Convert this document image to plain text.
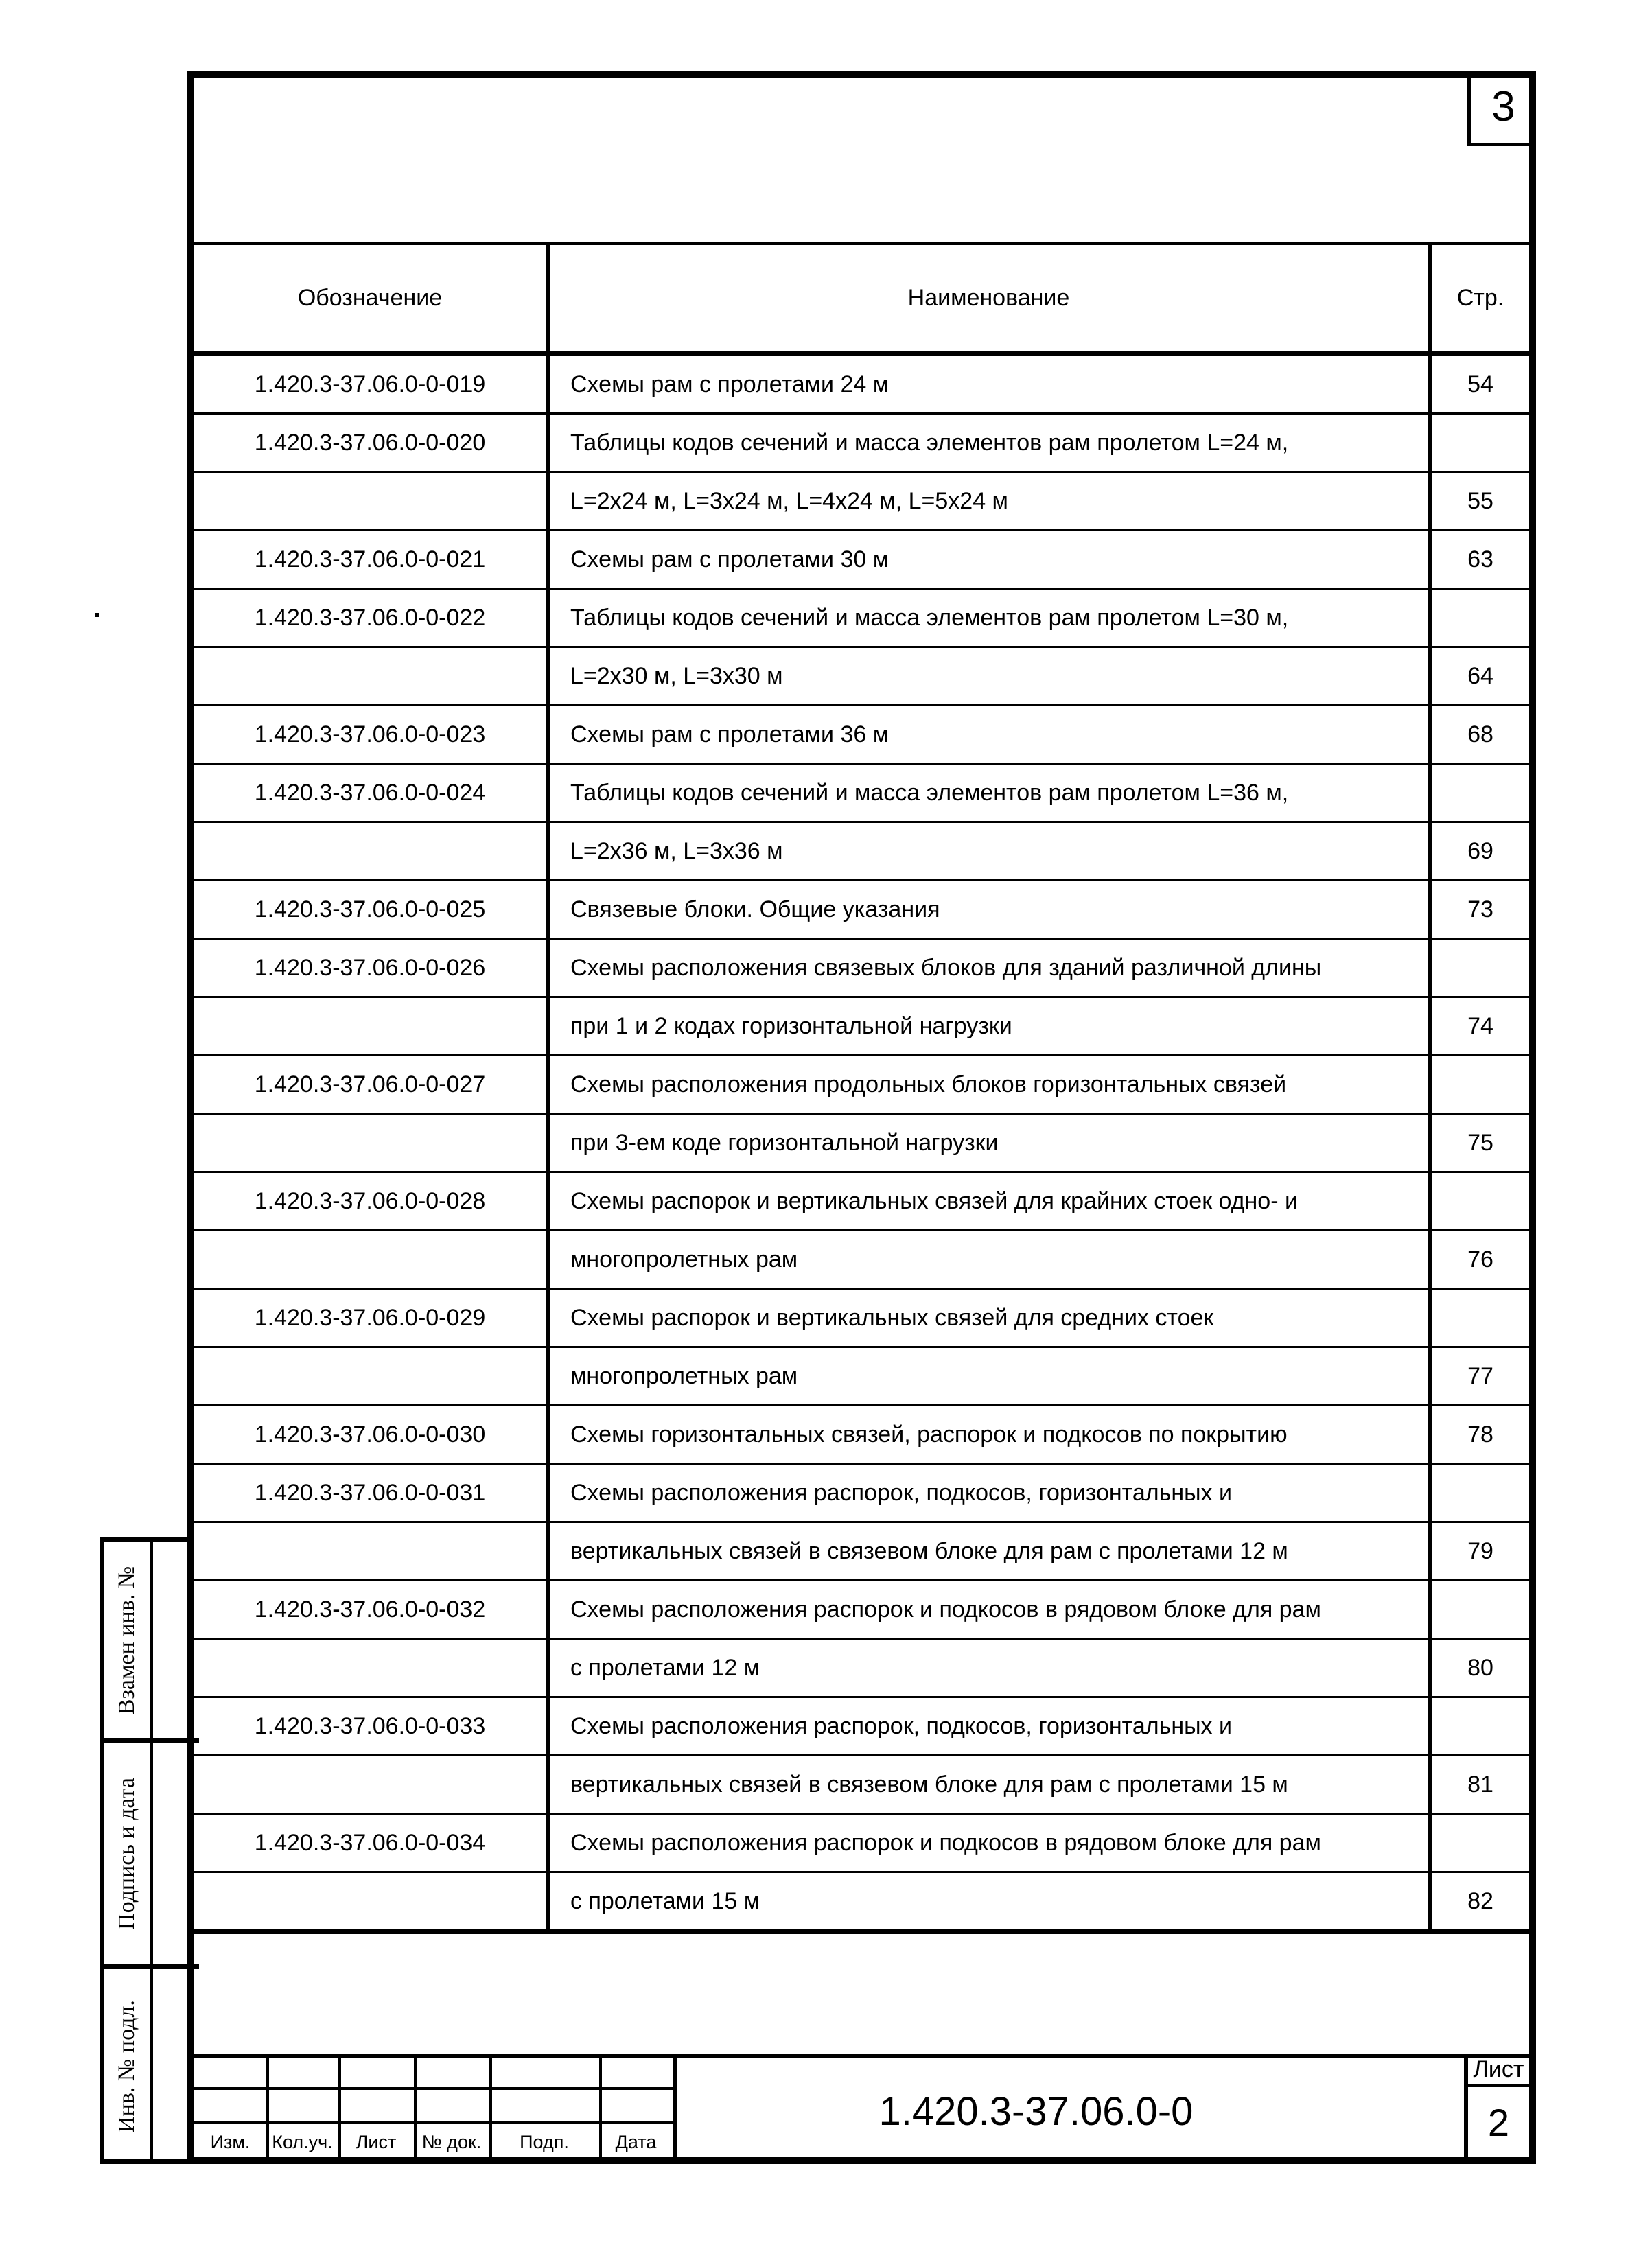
3
Обозначение	Наименование	Стр.
1.420.3-37.06.0-0-019	Схемы рам с пролетами 24 м	54
1.420.3-37.06.0-0-020	Таблицы кодов сечений и масса элементов рам пролетом L=24 м,	
	L=2x24 м, L=3x24 м, L=4x24 м, L=5x24 м	55
1.420.3-37.06.0-0-021	Схемы рам с пролетами 30 м	63
1.420.3-37.06.0-0-022	Таблицы кодов сечений и масса элементов рам пролетом L=30 м,	
	L=2x30 м, L=3x30 м	64
1.420.3-37.06.0-0-023	Схемы рам с пролетами 36 м	68
1.420.3-37.06.0-0-024	Таблицы кодов сечений и масса элементов рам пролетом L=36 м,	
	L=2x36 м, L=3x36 м	69
1.420.3-37.06.0-0-025	Связевые блоки. Общие указания	73
1.420.3-37.06.0-0-026	Схемы расположения связевых блоков для зданий различной длины	
	при 1 и 2 кодах горизонтальной нагрузки	74
1.420.3-37.06.0-0-027	Схемы расположения продольных блоков горизонтальных связей	
	при 3-ем коде горизонтальной нагрузки	75
1.420.3-37.06.0-0-028	Схемы распорок и вертикальных связей для крайних стоек одно- и	
	многопролетных рам	76
1.420.3-37.06.0-0-029	Схемы распорок и вертикальных связей для средних стоек	
	многопролетных рам	77
1.420.3-37.06.0-0-030	Схемы горизонтальных связей, распорок и подкосов по покрытию	78
1.420.3-37.06.0-0-031	Схемы расположения распорок, подкосов, горизонтальных и	
	вертикальных связей в связевом блоке для рам с пролетами 12 м	79
1.420.3-37.06.0-0-032	Схемы расположения распорок и подкосов в рядовом блоке для рам	
	с пролетами 12 м	80
1.420.3-37.06.0-0-033	Схемы расположения распорок, подкосов, горизонтальных и	
	вертикальных связей в связевом блоке для рам с пролетами 15 м	81
1.420.3-37.06.0-0-034	Схемы расположения распорок и подкосов в рядовом блоке для рам	
	с пролетами 15 м	82
Взамен инв. №
Подпись и дата
Инв. № подл.
Изм.	Кол.уч.	Лист	№ док.	Подп.	Дата
1.420.3-37.06.0-0
Лист
2
